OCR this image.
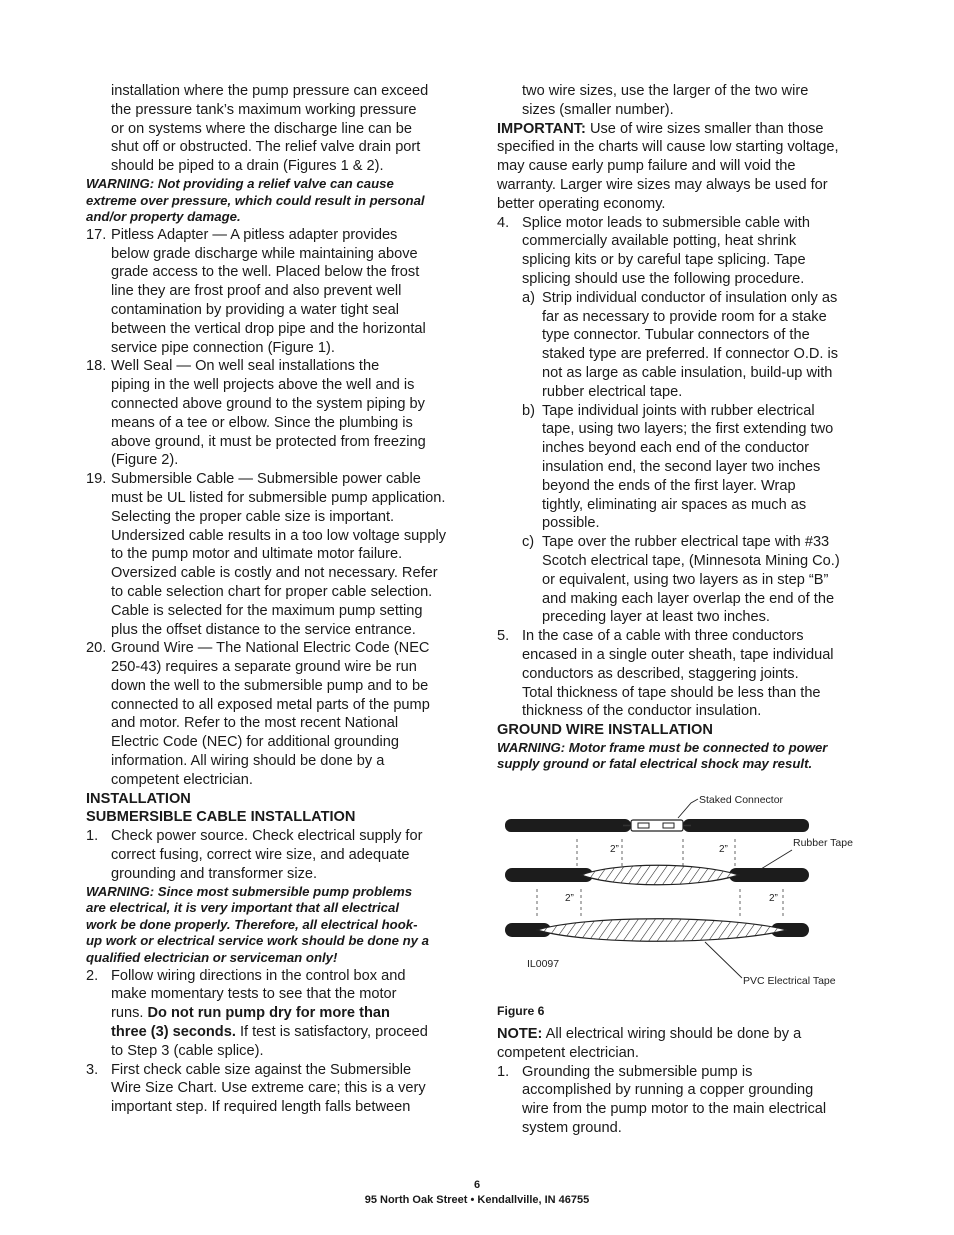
installation where the pump pressure can exceed

the pressure tank’s maximum working pressure

or on systems where the discharge line can be

shut off or obstructed. The relief valve drain port

should be piped to a drain (Figures 1 & 2).

WARNING: Not providing a relief valve can cause

extreme over pressure, which could result in personal

and/or property damage.

17. Pitless Adapter — A pitless adapter provides

below grade discharge while maintaining above

grade access to the well. Placed below the frost

line they are frost proof and also prevent well

contamination by providing a water tight seal

between the vertical drop pipe and the horizontal

service pipe connection (Figure 1).

18. Well Seal — On well seal installations the

piping in the well projects above the well and is

connected above ground to the system piping by

means of a tee or elbow. Since the plumbing is

above ground, it must be protected from freezing

(Figure 2).

19. Submersible Cable — Submersible power cable

must be UL listed for submersible pump application.

Selecting the proper cable size is important.

Undersized cable results in a too low voltage supply

to the pump motor and ultimate motor failure.

Oversized cable is costly and not necessary. Refer

to cable selection chart for proper cable selection.

Cable is selected for the maximum pump setting

plus the offset distance to the service entrance.

20. Ground Wire — The National Electric Code (NEC

250-43) requires a separate ground wire be run

down the well to the submersible pump and to be

connected to all exposed metal parts of the pump

and motor. Refer to the most recent National

Electric Code (NEC) for additional grounding

information. All wiring should be done by a

competent electrician.

INSTALLATION

SUBMERSIBLE CABLE INSTALLATION

1. Check power source. Check electrical supply for

correct fusing, correct wire size, and adequate

grounding and transformer size.

WARNING: Since most submersible pump problems

are electrical, it is very important that all electrical

work be done properly. Therefore, all electrical hook-

up work or electrical service work should be done ny a

qualified electrician or serviceman only!

2. Follow wiring directions in the control box and

make momentary tests to see that the motor

runs. Do not run pump dry for more than

three (3) seconds. If test is satisfactory, proceed

to Step 3 (cable splice).

3. First check cable size against the Submersible

Wire Size Chart. Use extreme care; this is a very

important step. If required length falls between

two wire sizes, use the larger of the two wire

sizes (smaller number).

IMPORTANT: Use of wire sizes smaller than those

specified in the charts will cause low starting voltage,

may cause early pump failure and will void the

warranty. Larger wire sizes may always be used for

better operating economy.

4. Splice motor leads to submersible cable with

commercially available potting, heat shrink

splicing kits or by careful tape splicing. Tape

splicing should use the following procedure.

a) Strip individual conductor of insulation only as

far as necessary to provide room for a stake

type connector. Tubular connectors of the

staked type are preferred. If connector O.D. is

not as large as cable insulation, build-up with

rubber electrical tape.

b) Tape individual joints with rubber electrical

tape, using two layers; the first extending two

inches beyond each end of the conductor

insulation end, the second layer two inches

beyond the ends of the first layer. Wrap

tightly, eliminating air spaces as much as

possible.

c) Tape over the rubber electrical tape with #33

Scotch electrical tape, (Minnesota Mining Co.)

or equivalent, using two layers as in step “B”

and making each layer overlap the end of the

preceding layer at least two inches.

5. In the case of a cable with three conductors

encased in a single outer sheath, tape individual

conductors as described, staggering joints.

Total thickness of tape should be less than the

thickness of the conductor insulation.

GROUND WIRE INSTALLATION

WARNING: Motor frame must be connected to power

supply ground or fatal electrical shock may result.

Staked Connector
2”	2”
Rubber Tape
2”	2”
IL0097
PVC Electrical Tape

Figure 6

NOTE: All electrical wiring should be done by a

competent electrician.

1. Grounding the submersible pump is

accomplished by running a copper grounding

wire from the pump motor to the main electrical

system ground.

6

95 North Oak Street • Kendallville, IN 46755
